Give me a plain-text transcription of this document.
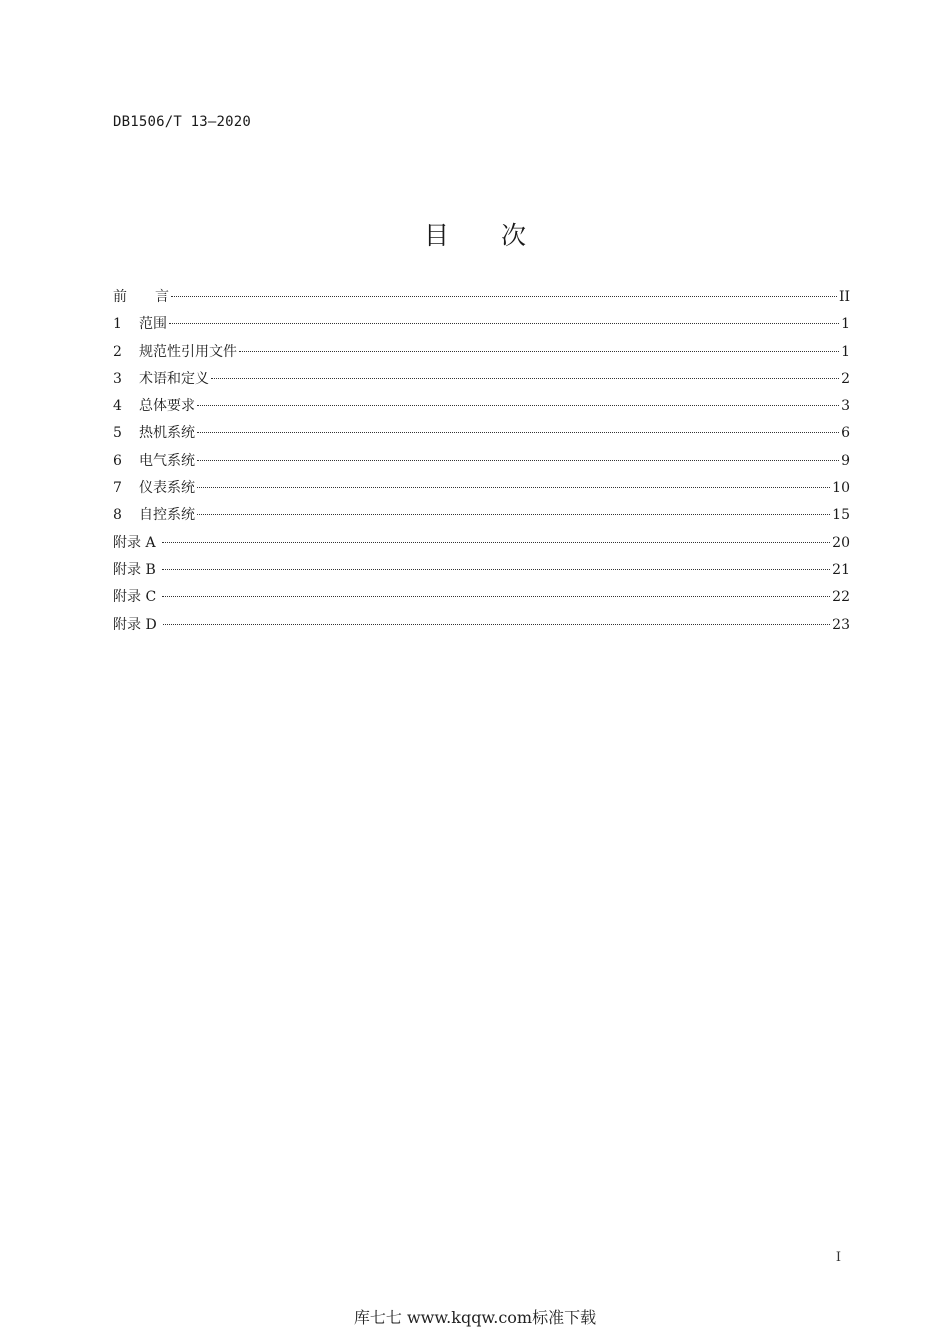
DB1506/T 13—2020
目 次
前　　言	II
1	范围	1
2	规范性引用文件	1
3	术语和定义	2
4	总体要求	3
5	热机系统	6
6	电气系统	9
7	仪表系统	10
8	自控系统	15
附录 A	20
附录 B	21
附录 C	22
附录 D	23
I
库七七 www.kqqw.com标准下载
